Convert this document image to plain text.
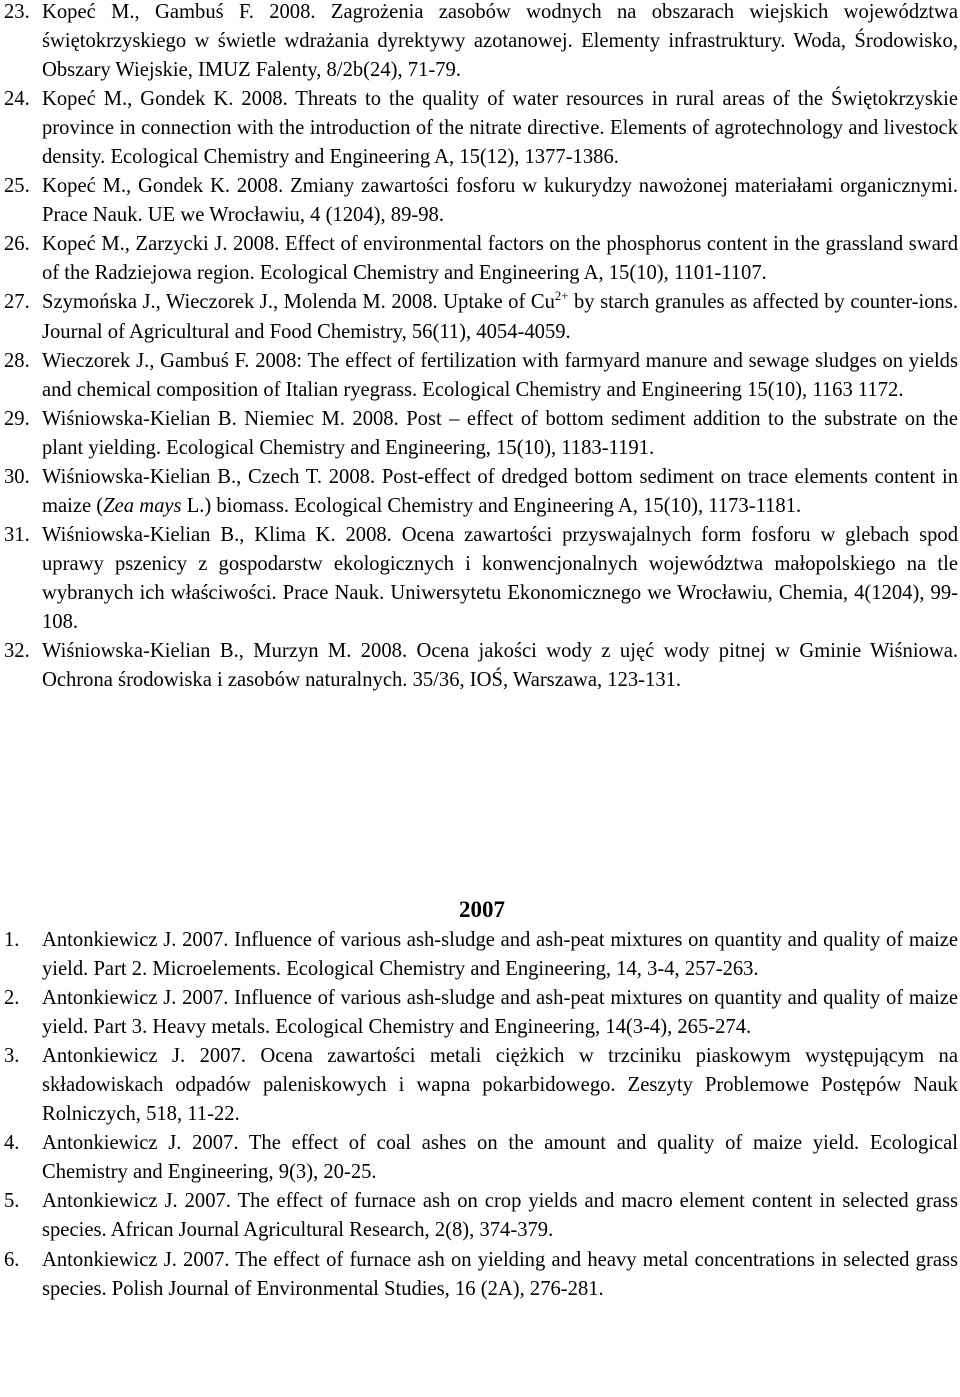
23. Kopeć M., Gambuś F. 2008. Zagrożenia zasobów wodnych na obszarach wiejskich województwa świętokrzyskiego w świetle wdrażania dyrektywy azotanowej. Elementy infrastruktury. Woda, Środowisko, Obszary Wiejskie, IMUZ Falenty, 8/2b(24), 71-79.
24. Kopeć M., Gondek K. 2008. Threats to the quality of water resources in rural areas of the Świętokrzyskie province in connection with the introduction of the nitrate directive. Elements of agrotechnology and livestock density. Ecological Chemistry and Engineering A, 15(12), 1377-1386.
25. Kopeć M., Gondek K. 2008. Zmiany zawartości fosforu w kukurydzy nawożonej materiałami organicznymi. Prace Nauk. UE we Wrocławiu, 4 (1204), 89-98.
26. Kopeć M., Zarzycki J. 2008. Effect of environmental factors on the phosphorus content in the grassland sward of the Radziejowa region. Ecological Chemistry and Engineering A, 15(10), 1101-1107.
27. Szymońska J., Wieczorek J., Molenda M. 2008. Uptake of $Cu^{2+}$ by starch granules as affected by counter-ions. Journal of Agricultural and Food Chemistry, 56(11), 4054-4059.
28. Wieczorek J., Gambuś F. 2008: The effect of fertilization with farmyard manure and sewage sludges on yields and chemical composition of Italian ryegrass. Ecological Chemistry and Engineering 15(10), 1163 1172.
29. Wiśniowska-Kielian B. Niemiec M. 2008. Post – effect of bottom sediment addition to the substrate on the plant yielding. Ecological Chemistry and Engineering, 15(10), 1183-1191.
30. Wiśniowska-Kielian B., Czech T. 2008. Post-effect of dredged bottom sediment on trace elements content in maize (Zea mays L.) biomass. Ecological Chemistry and Engineering A, 15(10), 1173-1181.
31. Wiśniowska-Kielian B., Klima K. 2008. Ocena zawartości przyswajalnych form fosforu w glebach spod uprawy pszenicy z gospodarstw ekologicznych i konwencjonalnych województwa małopolskiego na tle wybranych ich właściwości. Prace Nauk. Uniwersytetu Ekonomicznego we Wrocławiu, Chemia, 4(1204), 99-108.
32. Wiśniowska-Kielian B., Murzyn M. 2008. Ocena jakości wody z ujęć wody pitnej w Gminie Wiśniowa. Ochrona środowiska i zasobów naturalnych. 35/36, IOŚ, Warszawa, 123-131.
2007
1.	Antonkiewicz J. 2007. Influence of various ash-sludge and ash-peat mixtures on quantity and quality of maize yield. Part 2. Microelements. Ecological Chemistry and Engineering, 14, 3-4, 257-263.
2.	Antonkiewicz J. 2007. Influence of various ash-sludge and ash-peat mixtures on quantity and quality of maize yield. Part 3. Heavy metals. Ecological Chemistry and Engineering, 14(3-4), 265-274.
3.	Antonkiewicz J. 2007. Ocena zawartości metali ciężkich w trzciniku piaskowym występującym na składowiskach odpadów paleniskowych i wapna pokarbidowego. Zeszyty Problemowe Postępów Nauk Rolniczych, 518, 11-22.
4.	Antonkiewicz J. 2007. The effect of coal ashes on the amount and quality of maize yield. Ecological Chemistry and Engineering, 9(3), 20-25.
5.	Antonkiewicz J. 2007. The effect of furnace ash on crop yields and macro element content in selected grass species. African Journal Agricultural Research, 2(8), 374-379.
6.	Antonkiewicz J. 2007. The effect of furnace ash on yielding and heavy metal concentrations in selected grass species. Polish Journal of Environmental Studies, 16 (2A), 276-281.
